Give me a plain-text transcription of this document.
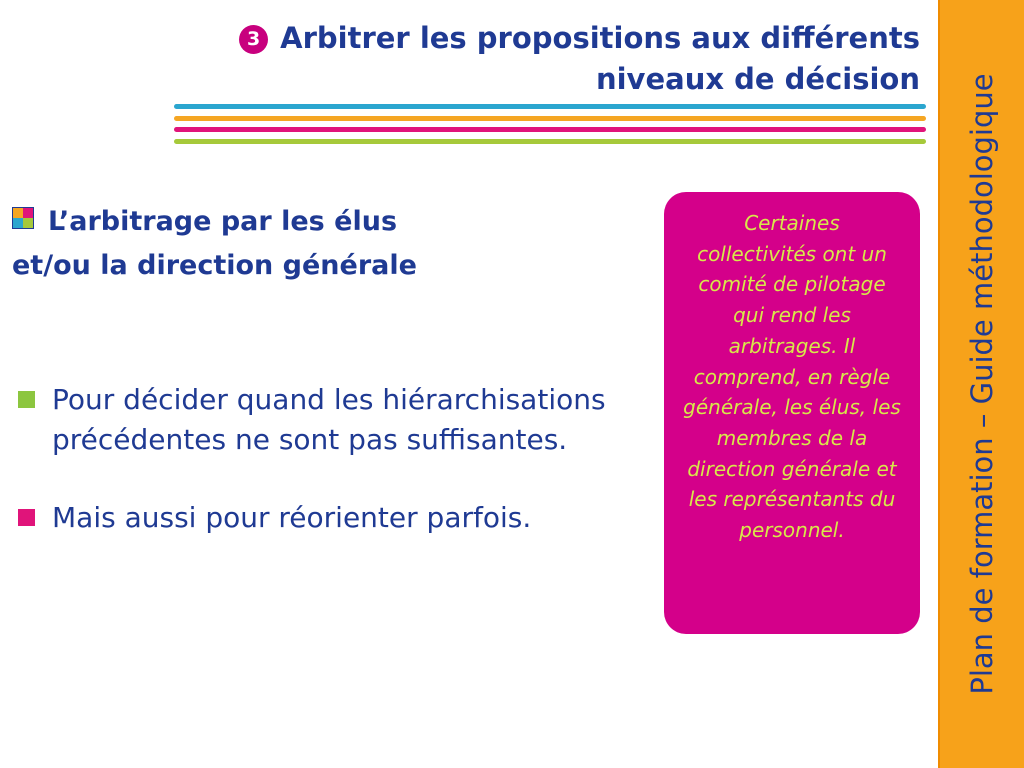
3 Arbitrer les propositions aux différents
niveaux de décision
L’arbitrage par les élus
et/ou la direction générale
Pour décider quand les hiérarchisations précédentes ne sont pas suffisantes.
Mais aussi pour réorienter parfois.
Certaines collectivités ont un comité de pilotage qui rend les arbitrages. Il comprend, en règle générale, les élus, les membres de la direction générale et les représentants du personnel.	Plan de formation – Guide méthodologique
